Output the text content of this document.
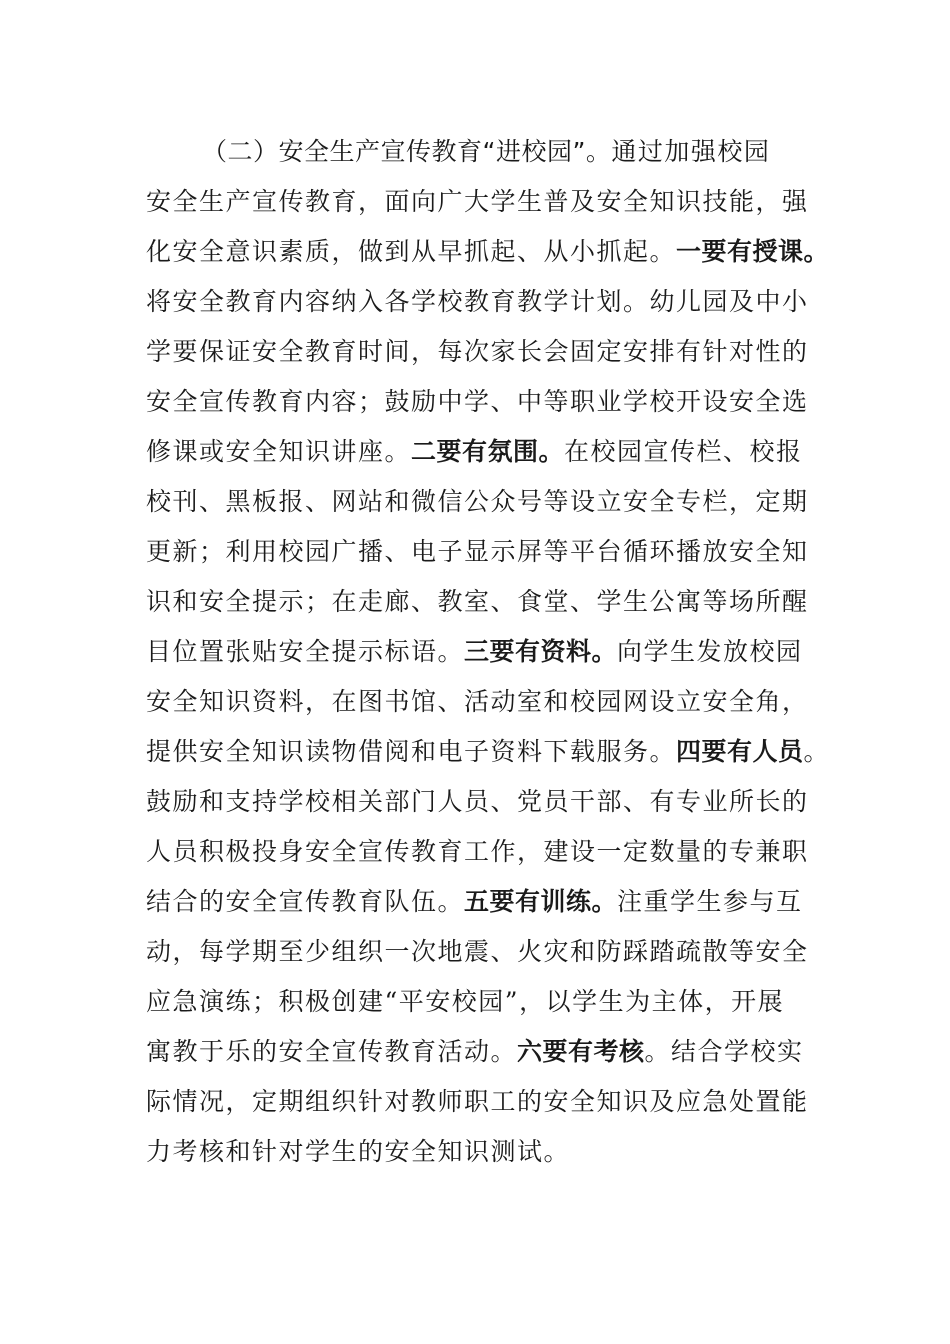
（二）安全生产宣传教育“进校园”。通过加强校园
安全生产宣传教育，面向广大学生普及安全知识技能，强
化安全意识素质，做到从早抓起、从小抓起。一要有授课。
将安全教育内容纳入各学校教育教学计划。幼儿园及中小
学要保证安全教育时间，每次家长会固定安排有针对性的
安全宣传教育内容；鼓励中学、中等职业学校开设安全选
修课或安全知识讲座。二要有氛围。在校园宣传栏、校报
校刊、黑板报、网站和微信公众号等设立安全专栏，定期
更新；利用校园广播、电子显示屏等平台循环播放安全知
识和安全提示；在走廊、教室、食堂、学生公寓等场所醒
目位置张贴安全提示标语。三要有资料。向学生发放校园
安全知识资料，在图书馆、活动室和校园网设立安全角，
提供安全知识读物借阅和电子资料下载服务。四要有人员。
鼓励和支持学校相关部门人员、党员干部、有专业所长的
人员积极投身安全宣传教育工作，建设一定数量的专兼职
结合的安全宣传教育队伍。五要有训练。注重学生参与互
动，每学期至少组织一次地震、火灾和防踩踏疏散等安全
应急演练；积极创建“平安校园”，以学生为主体，开展
寓教于乐的安全宣传教育活动。六要有考核。结合学校实
际情况，定期组织针对教师职工的安全知识及应急处置能
力考核和针对学生的安全知识测试。
